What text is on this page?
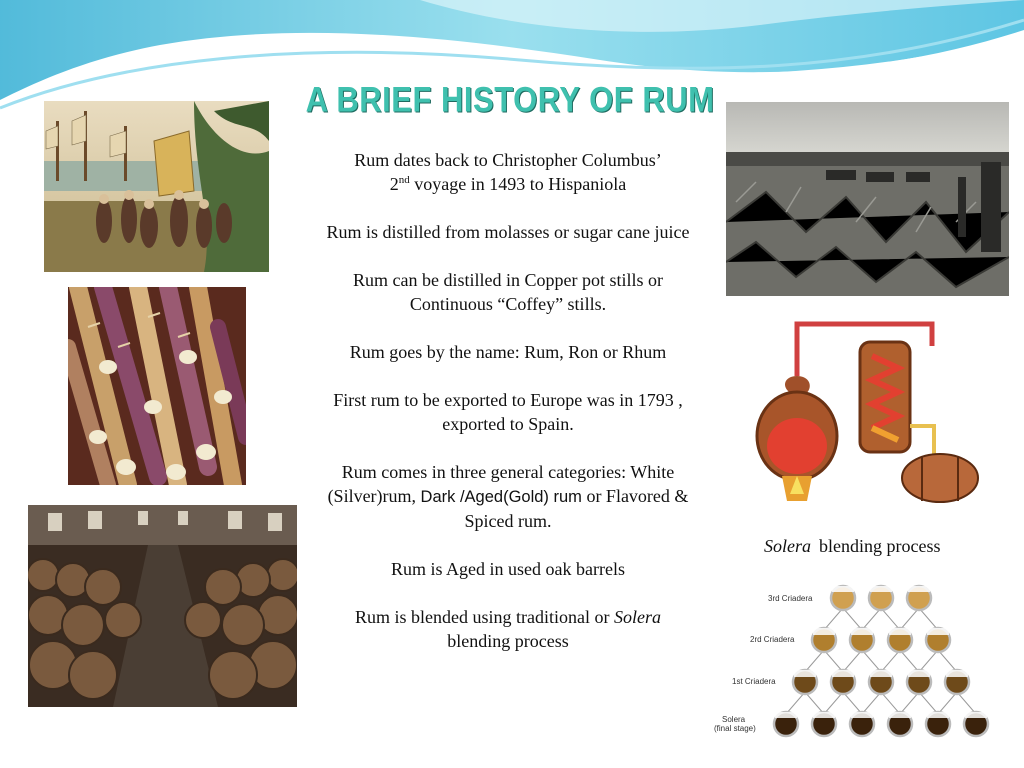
A BRIEF HISTORY OF RUM

Rum dates back to Christopher Columbus’
2nd voyage in 1493 to Hispaniola

Rum is distilled from molasses or sugar cane juice

Rum can be distilled in Copper pot stills or Continuous “Coffey” stills.

Rum goes by the name: Rum, Ron or Rhum

First rum to be exported to Europe was in 1793 , exported to Spain.

Rum comes in three general categories: White (Silver)rum, Dark /Aged(Gold) rum or Flavored & Spiced rum.

Rum is Aged in used oak barrels

Rum is blended using traditional or Solera
blending process

Solera blending process
3rd Criadera
2rd Criadera
1st Criadera
Solera
(final stage)
